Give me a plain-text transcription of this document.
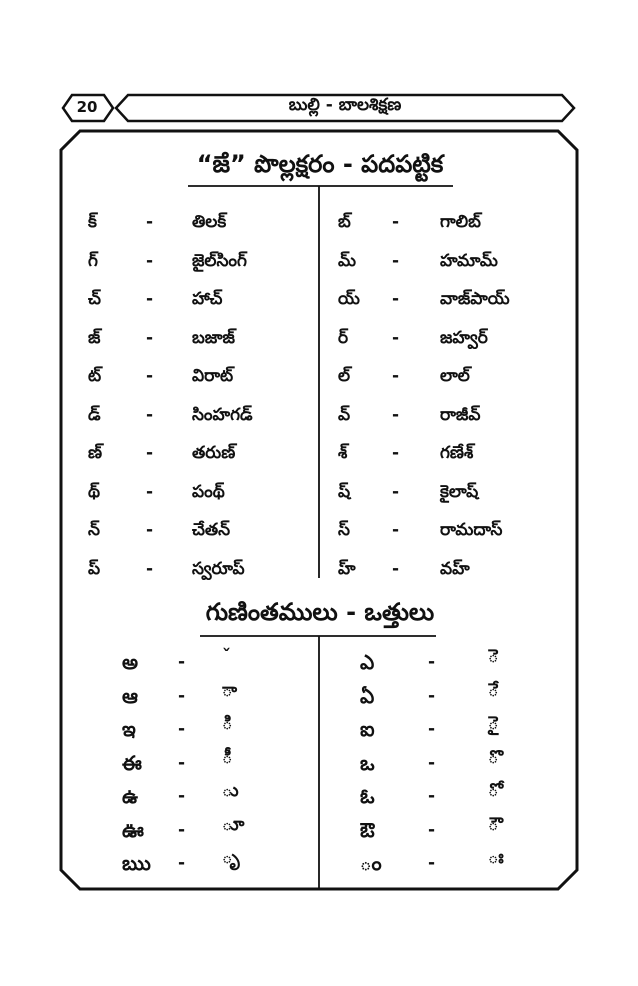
20	బుల్లి - బాలశిక్షణ
“ౙ” పొల్లక్షరం - పదపట్టిక
గుణింతములు - ఒత్తులు
క్	- తిలక్
గ్	- జైల్‌సింగ్
చ్	- హాచ్
జ్	- బజాజ్
ట్	- విరాట్
డ్	- సింహగడ్
ణ్	- తరుణ్
థ్	- పంథ్
న్	- చేతన్
ప్	- స్వరూప్
బ్ - గాలిబ్
మ్ - హమామ్
య్ - వాజ్‌పాయ్
ర్	- జహ్వర్
ల్ - లాల్
వ్ - రాజీవ్
శ్	- గణేశ్
ష్ - కైలాష్
స్ - రామదాస్
హ్ - వహ్
అ - ˇ
ఆ - ా
ఇ - ి
ఈ - ీ
ఉ - ు
ఊ - ూ
ఋ - ృ
ఎ	-	ె
ఏ	-	ే
ఐ	-	ై
ఒ	-	ొ
ఓ	-	ో
ఔ	-	ౌ
ం	-	ః
